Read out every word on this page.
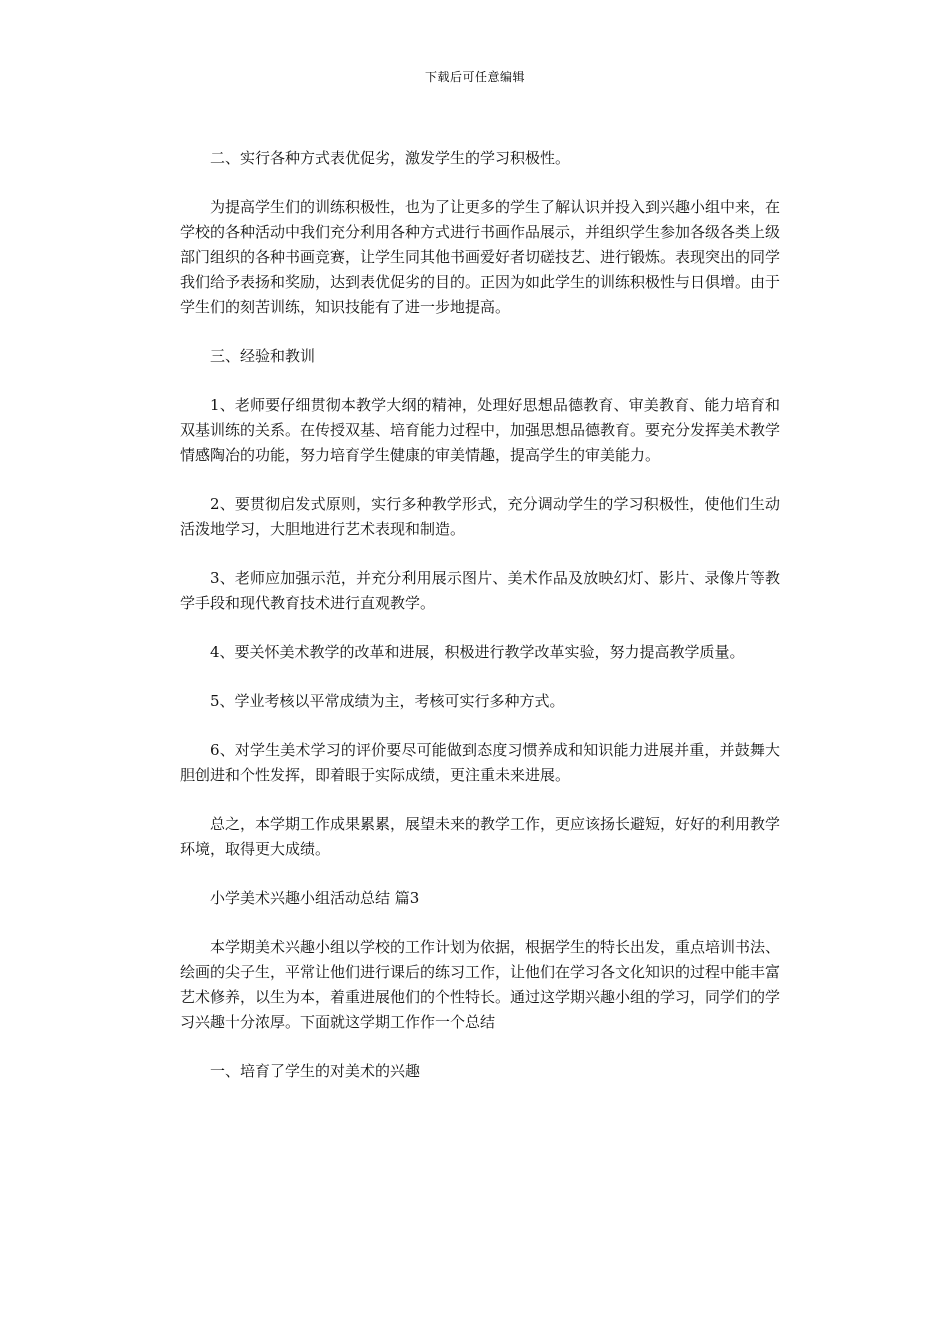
下载后可任意编辑

二、实行各种方式表优促劣，激发学生的学习积极性。

为提高学生们的训练积极性，也为了让更多的学生了解认识并投入到兴趣小组中来，在学校的各种活动中我们充分利用各种方式进行书画作品展示，并组织学生参加各级各类上级部门组织的各种书画竞赛，让学生同其他书画爱好者切磋技艺、进行锻炼。表现突出的同学我们给予表扬和奖励，达到表优促劣的目的。正因为如此学生的训练积极性与日俱增。由于学生们的刻苦训练，知识技能有了进一步地提高。

三、经验和教训

1、老师要仔细贯彻本教学大纲的精神，处理好思想品德教育、审美教育、能力培育和双基训练的关系。在传授双基、培育能力过程中，加强思想品德教育。要充分发挥美术教学情感陶冶的功能，努力培育学生健康的审美情趣，提高学生的审美能力。

2、要贯彻启发式原则，实行多种教学形式，充分调动学生的学习积极性，使他们生动活泼地学习，大胆地进行艺术表现和制造。

3、老师应加强示范，并充分利用展示图片、美术作品及放映幻灯、影片、录像片等教学手段和现代教育技术进行直观教学。

4、要关怀美术教学的改革和进展，积极进行教学改革实验，努力提高教学质量。

5、学业考核以平常成绩为主，考核可实行多种方式。

6、对学生美术学习的评价要尽可能做到态度习惯养成和知识能力进展并重，并鼓舞大胆创进和个性发挥，即着眼于实际成绩，更注重未来进展。

总之，本学期工作成果累累，展望未来的教学工作，更应该扬长避短，好好的利用教学环境，取得更大成绩。

小学美术兴趣小组活动总结 篇3

本学期美术兴趣小组以学校的工作计划为依据，根据学生的特长出发，重点培训书法、绘画的尖子生，平常让他们进行课后的练习工作，让他们在学习各文化知识的过程中能丰富艺术修养，以生为本，着重进展他们的个性特长。通过这学期兴趣小组的学习，同学们的学习兴趣十分浓厚。下面就这学期工作作一个总结

一、培育了学生的对美术的兴趣
